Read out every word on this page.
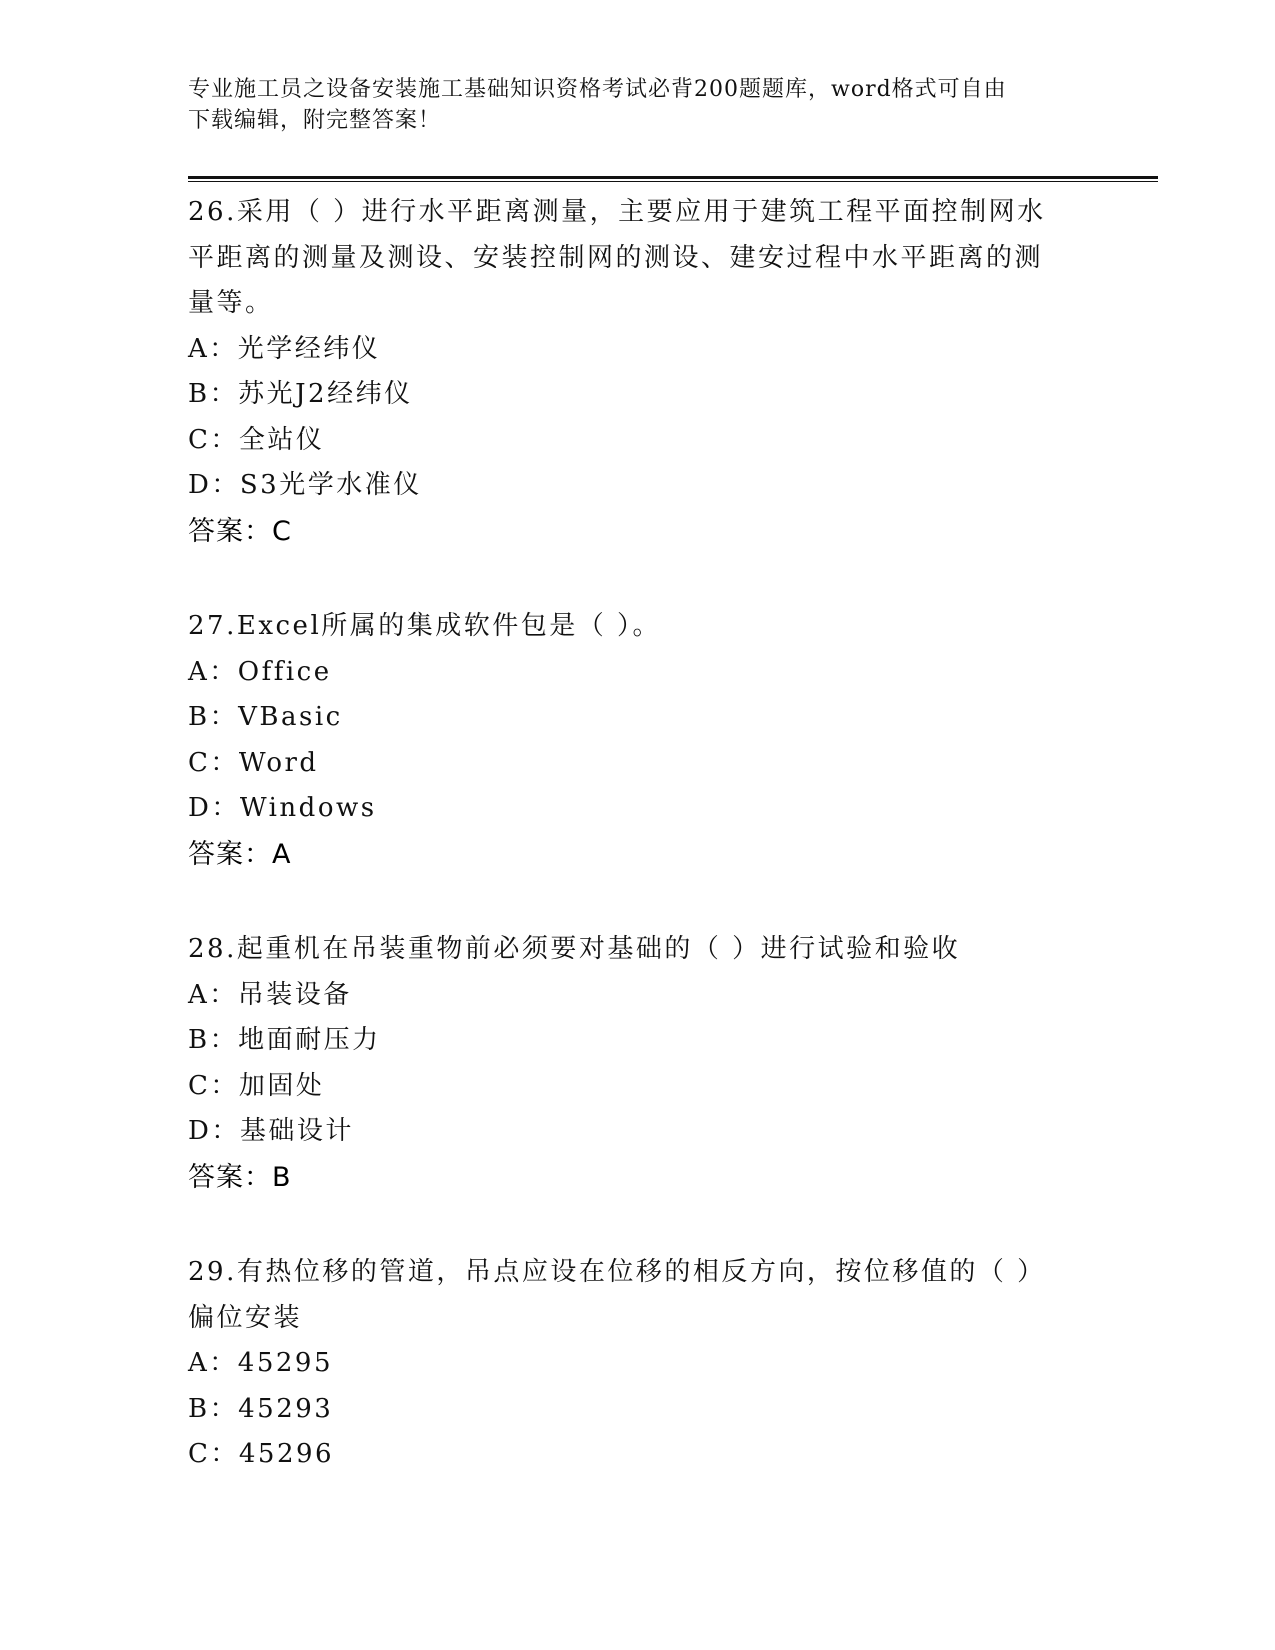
专业施工员之设备安装施工基础知识资格考试必背200题题库，word格式可自由
下载编辑，附完整答案！

26.采用（ ）进行水平距离测量，主要应用于建筑工程平面控制网水平距离的测量及测设、安装控制网的测设、建安过程中水平距离的测量等。

A：光学经纬仪

B：苏光J2经纬仪

C：全站仪

D：S3光学水准仪

答案：C

27.Excel所属的集成软件包是（ ）。

A：Office

B：VBasic

C：Word

D：Windows

答案：A

28.起重机在吊装重物前必须要对基础的（ ）进行试验和验收

A：吊装设备

B：地面耐压力

C：加固处

D：基础设计

答案：B

29.有热位移的管道，吊点应设在位移的相反方向，按位移值的（ ）偏位安装

A：45295

B：45293

C：45296
